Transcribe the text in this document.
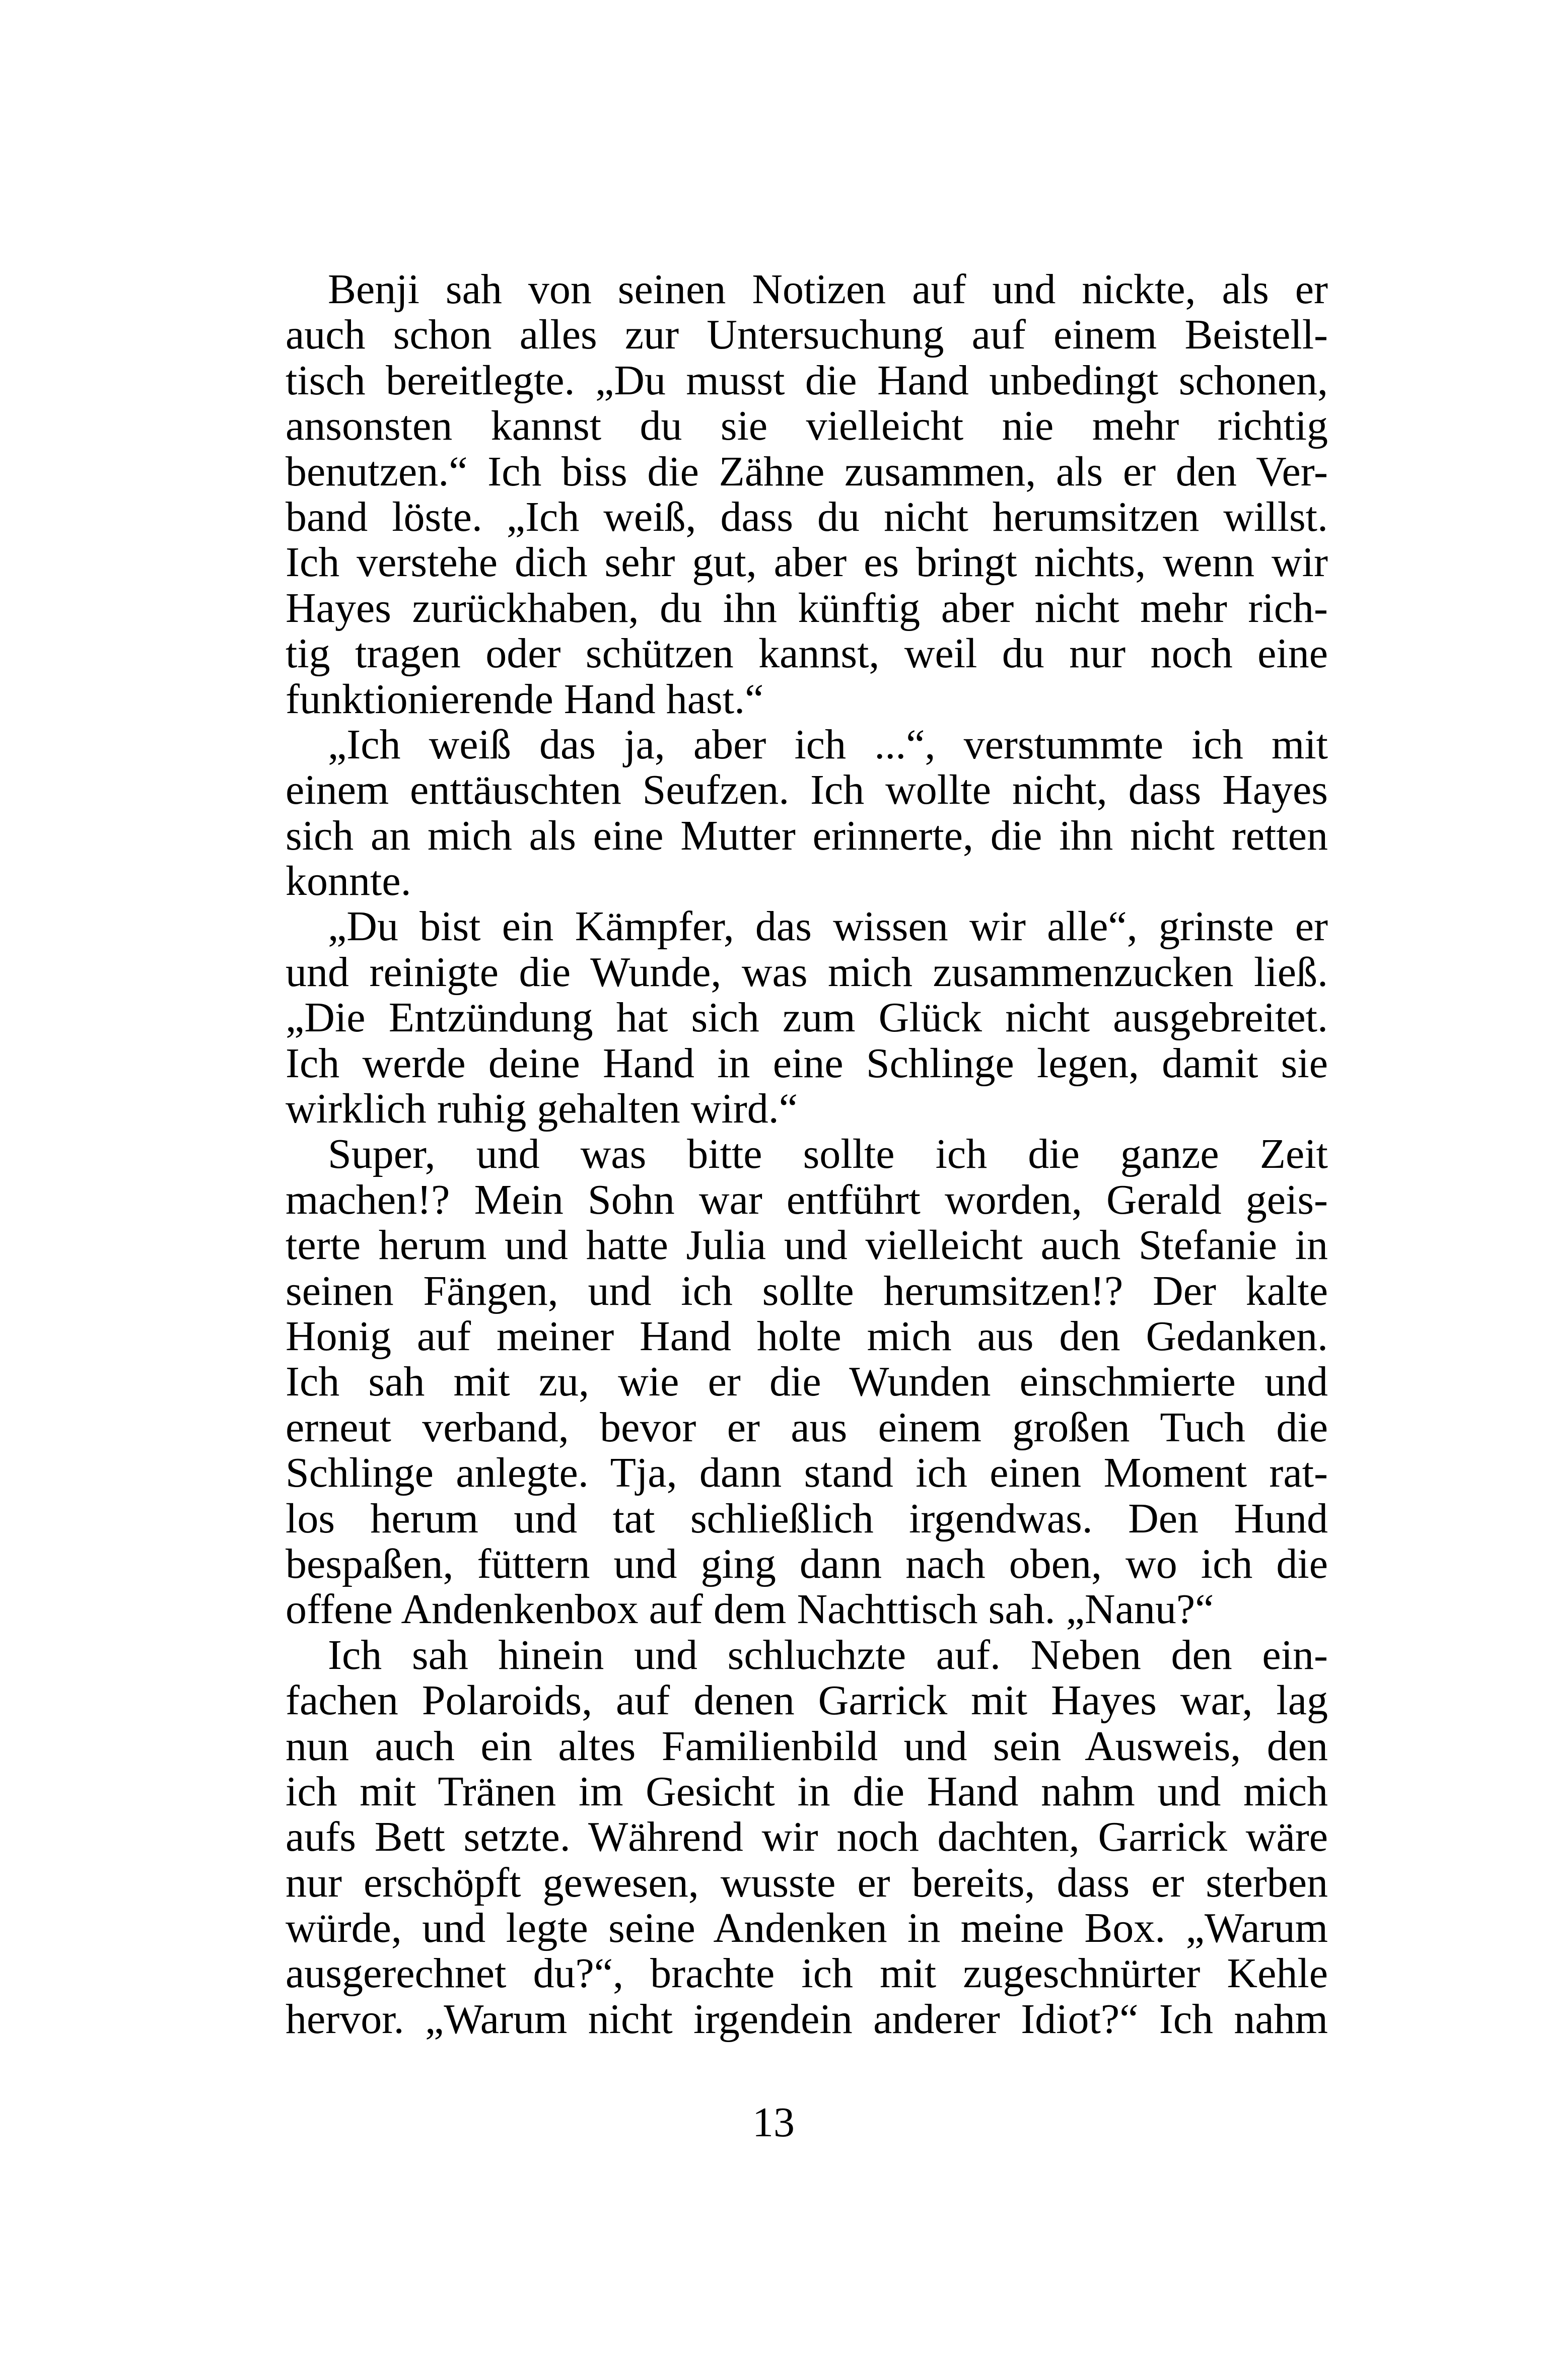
Benji sah von seinen Notizen auf und nickte, als er
auch schon alles zur Untersuchung auf einem Beistell-
tisch bereitlegte. „Du musst die Hand unbedingt schonen,
ansonsten kannst du sie vielleicht nie mehr richtig
benutzen.“ Ich biss die Zähne zusammen, als er den Ver-
band löste. „Ich weiß, dass du nicht herumsitzen willst.
Ich verstehe dich sehr gut, aber es bringt nichts, wenn wir
Hayes zurückhaben, du ihn künftig aber nicht mehr rich-
tig tragen oder schützen kannst, weil du nur noch eine
funktionierende Hand hast.“
„Ich weiß das ja, aber ich ...“, verstummte ich mit
einem enttäuschten Seufzen. Ich wollte nicht, dass Hayes
sich an mich als eine Mutter erinnerte, die ihn nicht retten
konnte.
„Du bist ein Kämpfer, das wissen wir alle“, grinste er
und reinigte die Wunde, was mich zusammenzucken ließ.
„Die Entzündung hat sich zum Glück nicht ausgebreitet.
Ich werde deine Hand in eine Schlinge legen, damit sie
wirklich ruhig gehalten wird.“
Super, und was bitte sollte ich die ganze Zeit
machen!? Mein Sohn war entführt worden, Gerald geis-
terte herum und hatte Julia und vielleicht auch Stefanie in
seinen Fängen, und ich sollte herumsitzen!? Der kalte
Honig auf meiner Hand holte mich aus den Gedanken.
Ich sah mit zu, wie er die Wunden einschmierte und
erneut verband, bevor er aus einem großen Tuch die
Schlinge anlegte. Tja, dann stand ich einen Moment rat-
los herum und tat schließlich irgendwas. Den Hund
bespaßen, füttern und ging dann nach oben, wo ich die
offene Andenkenbox auf dem Nachttisch sah. „Nanu?“
Ich sah hinein und schluchzte auf. Neben den ein-
fachen Polaroids, auf denen Garrick mit Hayes war, lag
nun auch ein altes Familienbild und sein Ausweis, den
ich mit Tränen im Gesicht in die Hand nahm und mich
aufs Bett setzte. Während wir noch dachten, Garrick wäre
nur erschöpft gewesen, wusste er bereits, dass er sterben
würde, und legte seine Andenken in meine Box. „Warum
ausgerechnet du?“, brachte ich mit zugeschnürter Kehle
hervor. „Warum nicht irgendein anderer Idiot?“ Ich nahm
13
